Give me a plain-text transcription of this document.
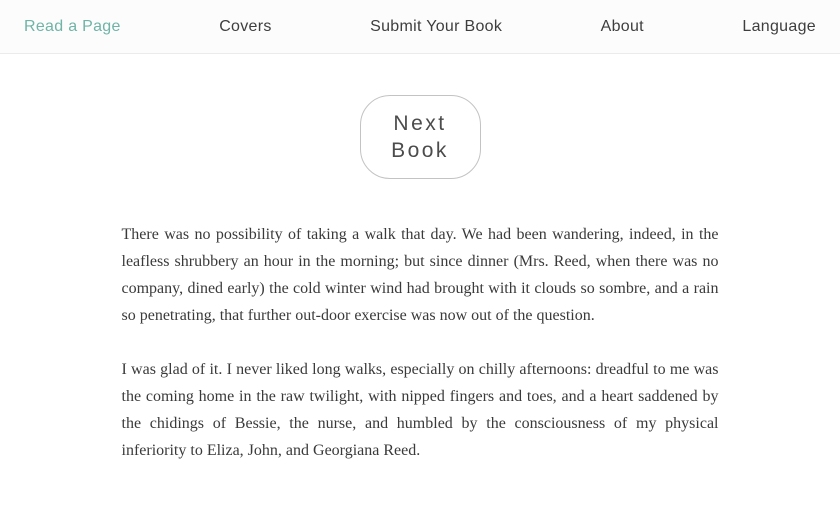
Read a Page	Covers	Submit Your Book	About	Language
Next Book

There was no possibility of taking a walk that day. We had been wandering, indeed, in the leafless shrubbery an hour in the morning; but since dinner (Mrs. Reed, when there was no company, dined early) the cold winter wind had brought with it clouds so sombre, and a rain so penetrating, that further out-door exercise was now out of the question.

I was glad of it. I never liked long walks, especially on chilly afternoons: dreadful to me was the coming home in the raw twilight, with nipped fingers and toes, and a heart saddened by the chidings of Bessie, the nurse, and humbled by the consciousness of my physical inferiority to Eliza, John, and Georgiana Reed.
